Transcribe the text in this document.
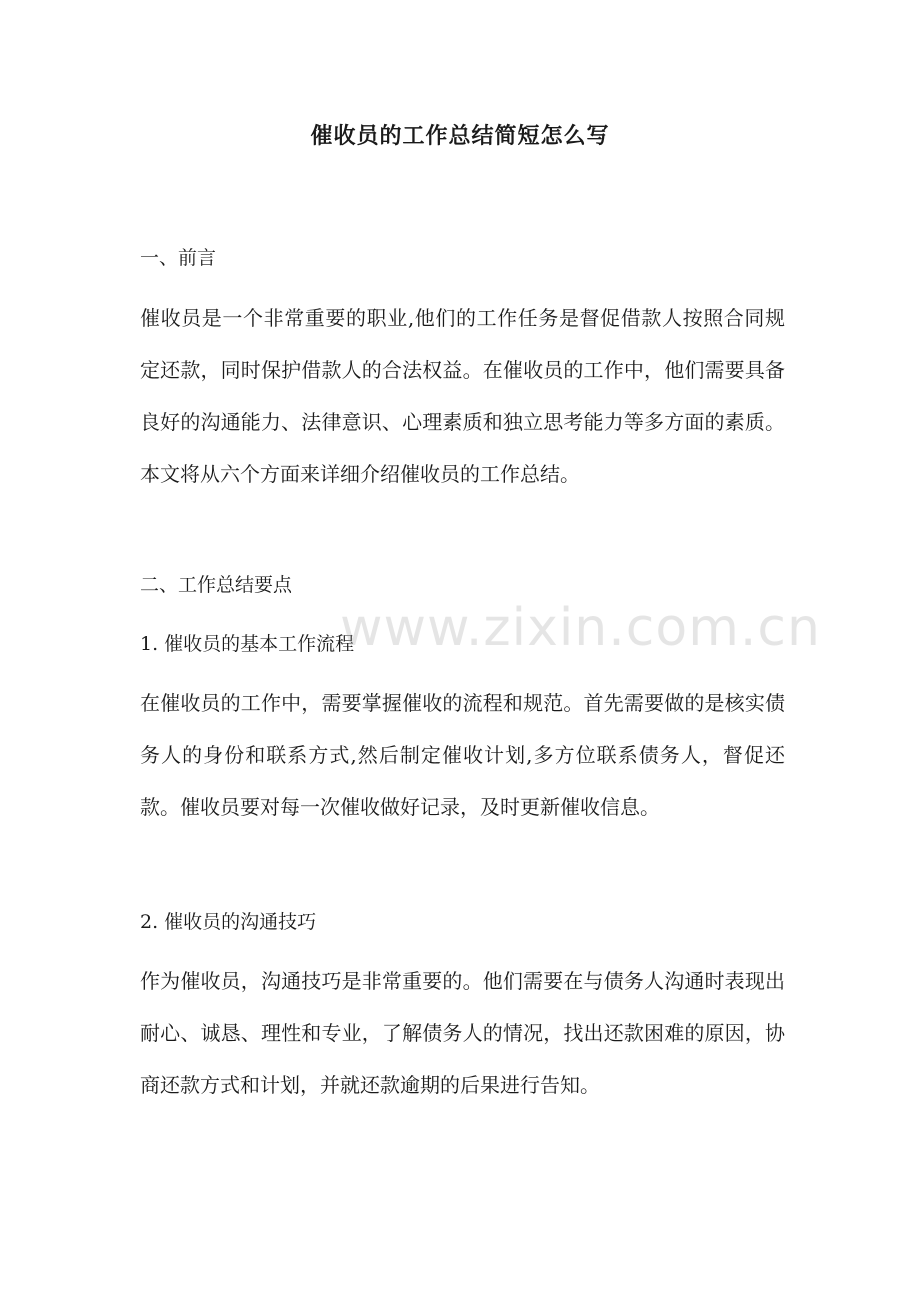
催收员的工作总结简短怎么写
一、前言
催收员是一个非常重要的职业,他们的工作任务是督促借款人按照合同规定还款，同时保护借款人的合法权益。在催收员的工作中，他们需要具备良好的沟通能力、法律意识、心理素质和独立思考能力等多方面的素质。本文将从六个方面来详细介绍催收员的工作总结。
二、工作总结要点
1. 催收员的基本工作流程
在催收员的工作中，需要掌握催收的流程和规范。首先需要做的是核实债务人的身份和联系方式,然后制定催收计划,多方位联系债务人，督促还款。催收员要对每一次催收做好记录，及时更新催收信息。
2. 催收员的沟通技巧
作为催收员，沟通技巧是非常重要的。他们需要在与债务人沟通时表现出耐心、诚恳、理性和专业，了解债务人的情况，找出还款困难的原因，协商还款方式和计划，并就还款逾期的后果进行告知。
www.zixin.com.cn
